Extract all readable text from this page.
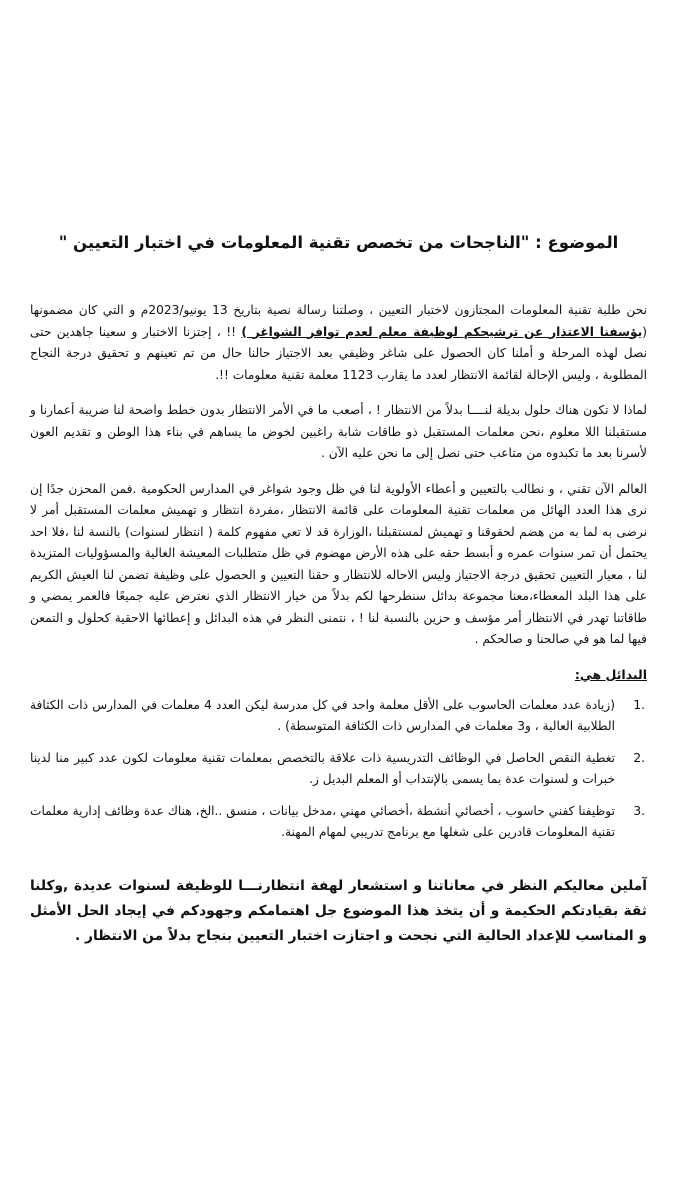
الموضوع : "الناجحات من تخصص تقنية المعلومات في اختبار التعيين "

نحن طلبة تقنية المعلومات المجتازون لاختبار التعيين ، وصلتنا رسالة نصية بتاريخ 13 يونيو/2023م و التي كان مضمونها (يؤسفنا الاعتذار عن ترشيحكم لوظيفة معلم لعدم توافر الشواغر ) !! ، إجتزنا الاختبار و سعينا جاهدين حتى نصل لهذه المرحلة و أملنا كان الحصول على شاغر وظيفي بعد الاجتياز حالنا حال من تم تعينهم و تحقيق درجة النجاح المطلوبة ، وليس الإحالة لقائمة الانتظار لعدد ما يقارب 1123 معلمة تقنية معلومات !!.

لماذا لا تكون هناك حلول بديلة لنــــا بدلاً من الانتظار ! ، أصعب ما في الأمر الانتظار بدون خطط واضحة لنا ضريبة أعمارنا و مستقبلنا اللا معلوم ،نحن معلمات المستقبل ذو طاقات شابة راغبين لخوض ما يساهم في بناء هذا الوطن و تقديم العون لأسرنا بعد ما تكبدوه من متاعب حتى نصل إلى ما نحن عليه الآن .

العالم الآن تقني ، و نطالب بالتعيين و أعطاء الأولوية لنا في ظل وجود شواغر في المدارس الحكومية .فمن المحزن جدًا إن نرى هذا العدد الهائل من معلمات تقنية المعلومات على قائمة الانتظار ،مفردة انتظار و تهميش معلمات المستقبل أمر لا نرضى به لما به من هضم لحقوقنا و تهميش لمستقبلنا ،الوزارة قد لا تعي مفهوم كلمة ( انتظار لسنوات) بالنسة لنا ،فلا احد يحتمل أن تمر سنوات عمره و أبسط حقه على هذه الأرض مهضوم في ظل متطلبات المعيشة الغالية والمسؤوليات المتزيدة لنا ، معيار التعيين تحقيق درجة الاجتياز وليس الاحاله للانتظار و حقنا التعيين و الحصول على وظيفة تضمن لنا العيش الكريم على هذا البلد المعطاء،معنا مجموعة بدائل سنطرحها لكم بدلاً من خيار الانتظار الذي نعترض عليه جميعًا فالعمر يمضي و طاقاتنا تهدر في الانتظار أمر مؤسف و حزين بالنسبة لنا ! ، نتمنى النظر في هذه البدائل و إعطائها الاحقية كحلول و التمعن فيها لما هو في صالحنا و صالحكم .

البدائل هي:
1.
(زيادة عدد معلمات الحاسوب على الأقل معلمة واحد في كل مدرسة ليكن العدد 4 معلمات في المدارس ذات الكثافة الطلابية العالية ، و3 معلمات في المدارس ذات الكثافة المتوسطة) .
2.
تغطية النقص الحاصل في الوظائف التدريسية ذات علاقة بالتخصص بمعلمات تقنية معلومات لكون عدد كبير منا لدينا خبرات و لسنوات عدة بما يسمى بالإنتداب أو المعلم البديل ز.
3.
توظيفنا كفني حاسوب ، أخصائي أنشطة ،أخصائي مهني ،مدخل بيانات ، منسق ..الخ، هناك عدة وظائف إدارية معلمات تقنية المعلومات قادرين على شغلها مع برنامج تدريبي لمهام المهنة.

آملين معاليكم النظر في معاناتنا و استشعار لهفة انتظارنـــا للوظيفة لسنوات عديدة ,وكلنا ثقة بقيادتكم الحكيمة و أن يتخذ هذا الموضوع جل اهتمامكم وجهودكم في إيجاد الحل الأمثل و المناسب للإعداد الحالية التي نجحت و اجتازت اختبار التعيين بنجاح بدلاً من الانتظار .
